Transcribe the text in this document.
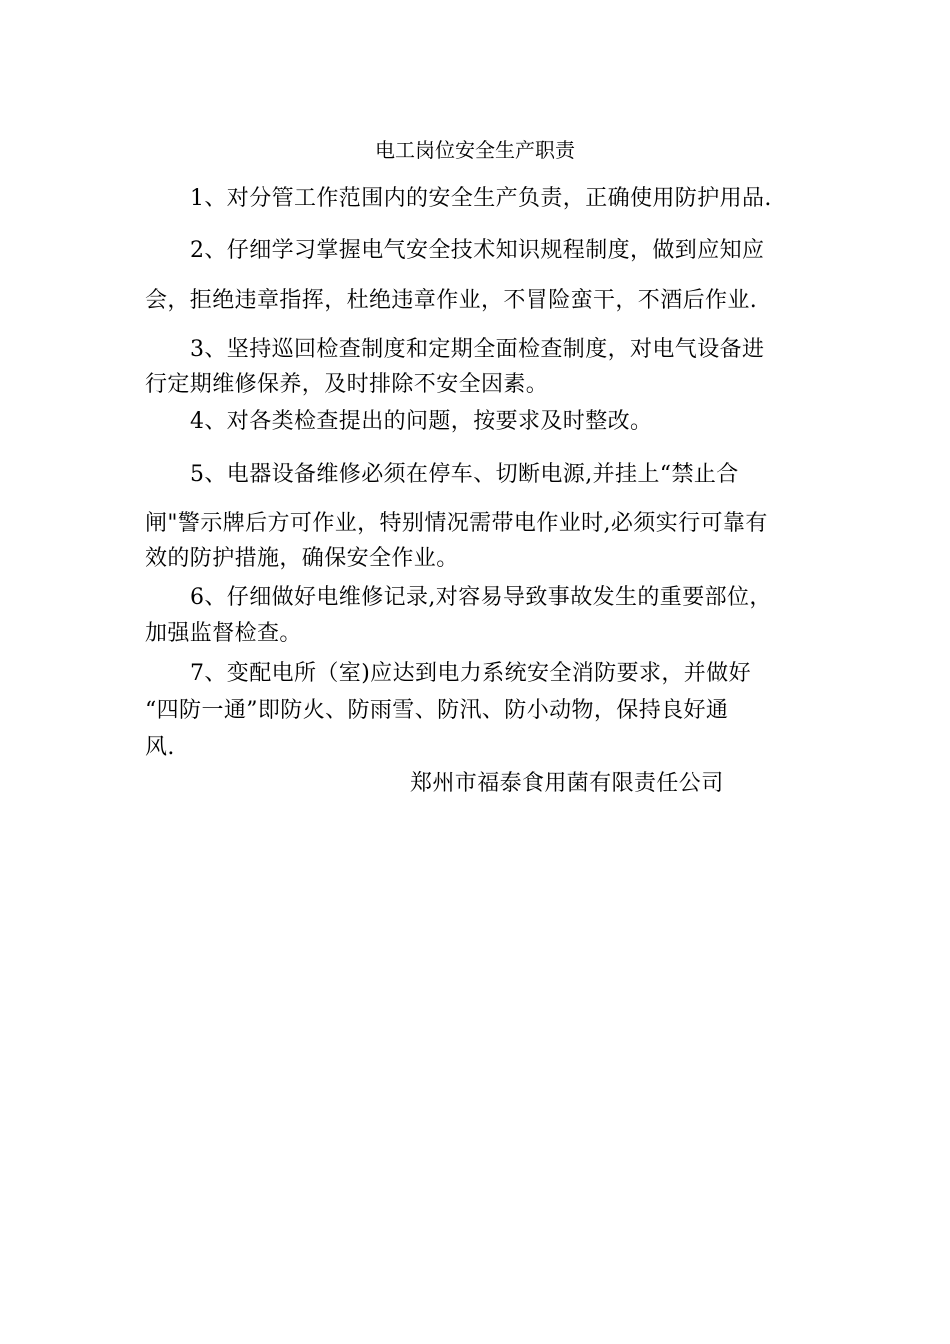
电工岗位安全生产职责
1、对分管工作范围内的安全生产负责，正确使用防护用品.
2、仔细学习掌握电气安全技术知识规程制度，做到应知应
会，拒绝违章指挥，杜绝违章作业，不冒险蛮干，不酒后作业.
3、坚持巡回检查制度和定期全面检查制度，对电气设备进
行定期维修保养，及时排除不安全因素。
4、对各类检查提出的问题，按要求及时整改。
5、电器设备维修必须在停车、切断电源,并挂上“禁止合
闸"警示牌后方可作业，特别情况需带电作业时,必须实行可靠有
效的防护措施，确保安全作业。
6、仔细做好电维修记录,对容易导致事故发生的重要部位，
加强监督检查。
7、变配电所（室)应达到电力系统安全消防要求，并做好
“四防一通”即防火、防雨雪、防汛、防小动物，保持良好通
风.
郑州市福泰食用菌有限责任公司
